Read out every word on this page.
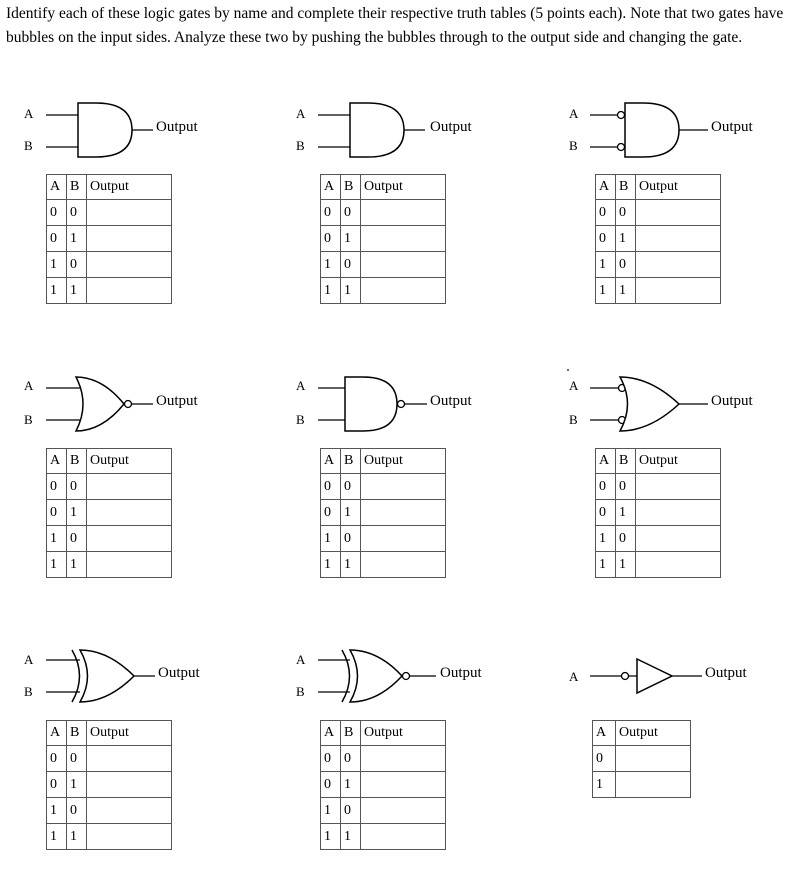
Identify each of these logic gates by name and complete their respective truth tables (5 points each). Note that two gates have bubbles on the input sides. Analyze these two by pushing the bubbles through to the output side and changing the gate.

A
B
Output
A
B
Output
A
B
Output
A
B
Output
A
B
Output
A
B
Output
A
B
Output
A
B
Output	A	Output
A	B	Output
0	0	
0	1	
1	0	
1	1	
A	B	Output
0	0	
0	1	
1	0	
1	1	
A	B	Output
0	0	
0	1	
1	0	
1	1	
A	B	Output
0	0	
0	1	
1	0	
1	1	
A	B	Output
0	0	
0	1	
1	0	
1	1	
A	B	Output
0	0	
0	1	
1	0	
1	1	
A	B	Output
0	0	
0	1	
1	0	
1	1	
A	B	Output
0	0	
0	1	
1	0	
1	1	
A	Output
0	
1	
